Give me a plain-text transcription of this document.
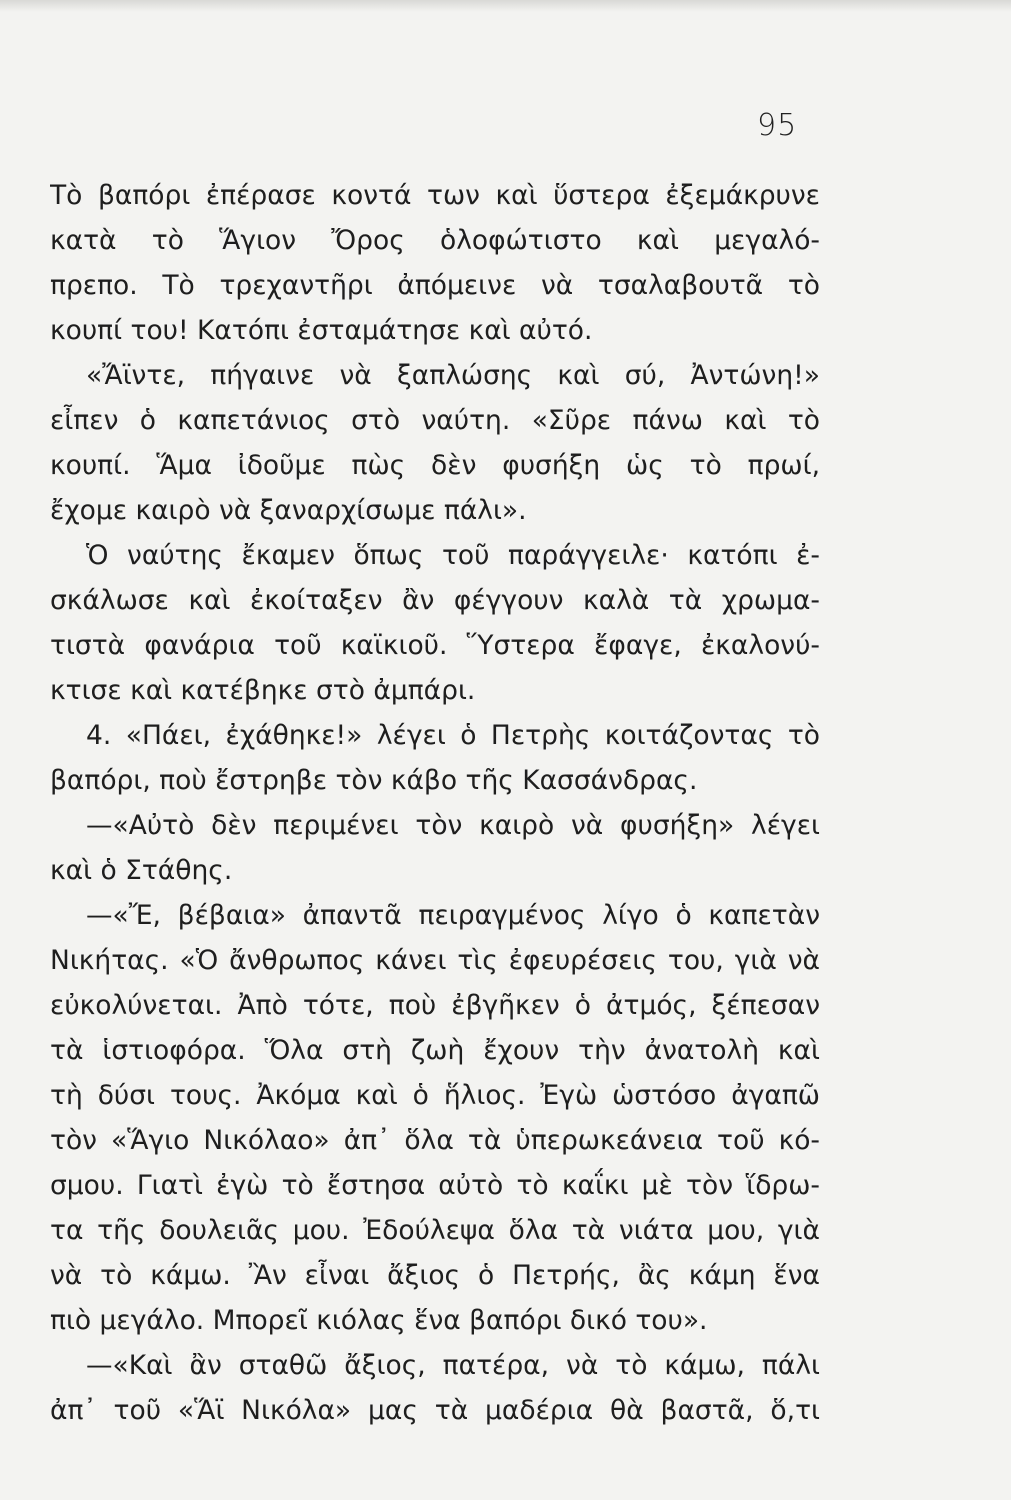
95
Τὸ βαπόρι ἐπέρασε κοντά των καὶ ὕστερα ἐξεμάκρυνε
κατὰ τὸ Ἅγιον Ὄρος ὁλοφώτιστο καὶ μεγαλό-
πρεπο. Τὸ τρεχαντῆρι ἀπόμεινε νὰ τσαλαβουτᾶ τὸ
κουπί του! Κατόπι ἐσταμάτησε καὶ αὐτό.
«Ἄϊντε, πήγαινε νὰ ξαπλώσης καὶ σύ, Ἀντώνη!»
εἶπεν ὁ καπετάνιος στὸ ναύτη. «Σῦρε πάνω καὶ τὸ
κουπί. Ἅμα ἰδοῦμε πὼς δὲν φυσήξη ὡς τὸ πρωί,
ἔχομε καιρὸ νὰ ξαναρχίσωμε πάλι».
Ὁ ναύτης ἔκαμεν ὅπως τοῦ παράγγειλε· κατόπι ἐ-
σκάλωσε καὶ ἐκοίταξεν ἂν φέγγουν καλὰ τὰ χρωμα-
τιστὰ φανάρια τοῦ καϊκιοῦ. Ὕστερα ἔφαγε, ἐκαλονύ-
κτισε καὶ κατέβηκε στὸ ἀμπάρι.
4. «Πάει, ἐχάθηκε!» λέγει ὁ Πετρὴς κοιτάζοντας τὸ
βαπόρι, ποὺ ἔστρηβε τὸν κάβο τῆς Κασσάνδρας.
—«Αὐτὸ δὲν περιμένει τὸν καιρὸ νὰ φυσήξη» λέγει
καὶ ὁ Στάθης.
—«Ἔ, βέβαια» ἀπαντᾶ πειραγμένος λίγο ὁ καπετὰν
Νικήτας. «Ὁ ἄνθρωπος κάνει τὶς ἐφευρέσεις του, γιὰ νὰ
εὐκολύνεται. Ἀπὸ τότε, ποὺ ἐβγῆκεν ὁ ἀτμός, ξέπεσαν
τὰ ἱστιοφόρα. Ὅλα στὴ ζωὴ ἔχουν τὴν ἀνατολὴ καὶ
τὴ δύσι τους. Ἀκόμα καὶ ὁ ἥλιος. Ἐγὼ ὡστόσο ἀγαπῶ
τὸν «Ἅγιο Νικόλαο» ἀπ᾿ ὅλα τὰ ὑπερωκεάνεια τοῦ κό-
σμου. Γιατὶ ἐγὼ τὸ ἔστησα αὐτὸ τὸ καΐκι μὲ τὸν ἵδρω-
τα τῆς δουλειᾶς μου. Ἐδούλεψα ὅλα τὰ νιάτα μου, γιὰ
νὰ τὸ κάμω. Ἂν εἶναι ἄξιος ὁ Πετρής, ἂς κάμη ἕνα
πιὸ μεγάλο. Μπορεῖ κιόλας ἕνα βαπόρι δικό του».
—«Καὶ ἂν σταθῶ ἄξιος, πατέρα, νὰ τὸ κάμω, πάλι
ἀπ᾿ τοῦ «Ἅϊ Νικόλα» μας τὰ μαδέρια θὰ βαστᾶ, ὅ,τι
